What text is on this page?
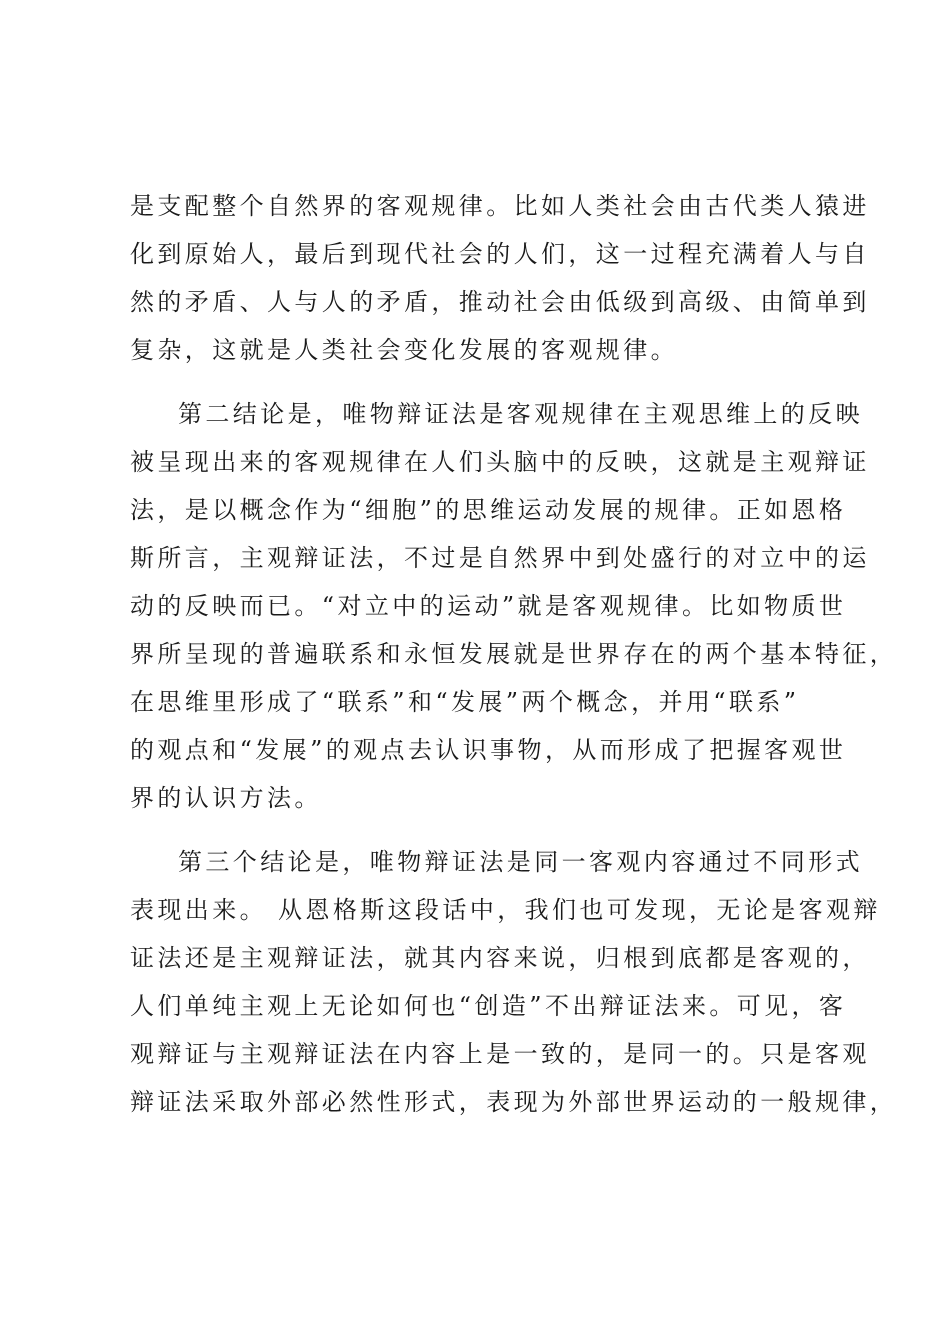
是支配整个自然界的客观规律。比如人类社会由古代类人猿进
化到原始人，最后到现代社会的人们，这一过程充满着人与自
然的矛盾、人与人的矛盾，推动社会由低级到高级、由简单到
复杂，这就是人类社会变化发展的客观规律。
第二结论是，唯物辩证法是客观规律在主观思维上的反映
被呈现出来的客观规律在人们头脑中的反映，这就是主观辩证
法，是以概念作为“细胞”的思维运动发展的规律。正如恩格
斯所言，主观辩证法，不过是自然界中到处盛行的对立中的运
动的反映而已。“对立中的运动”就是客观规律。比如物质世
界所呈现的普遍联系和永恒发展就是世界存在的两个基本特征，
在思维里形成了“联系”和“发展”两个概念，并用“联系”
的观点和“发展”的观点去认识事物，从而形成了把握客观世
界的认识方法。
第三个结论是，唯物辩证法是同一客观内容通过不同形式
表现出来。 从恩格斯这段话中，我们也可发现，无论是客观辩
证法还是主观辩证法，就其内容来说，归根到底都是客观的，
人们单纯主观上无论如何也“创造”不出辩证法来。可见，客
观辩证与主观辩证法在内容上是一致的，是同一的。只是客观
辩证法采取外部必然性形式，表现为外部世界运动的一般规律，
